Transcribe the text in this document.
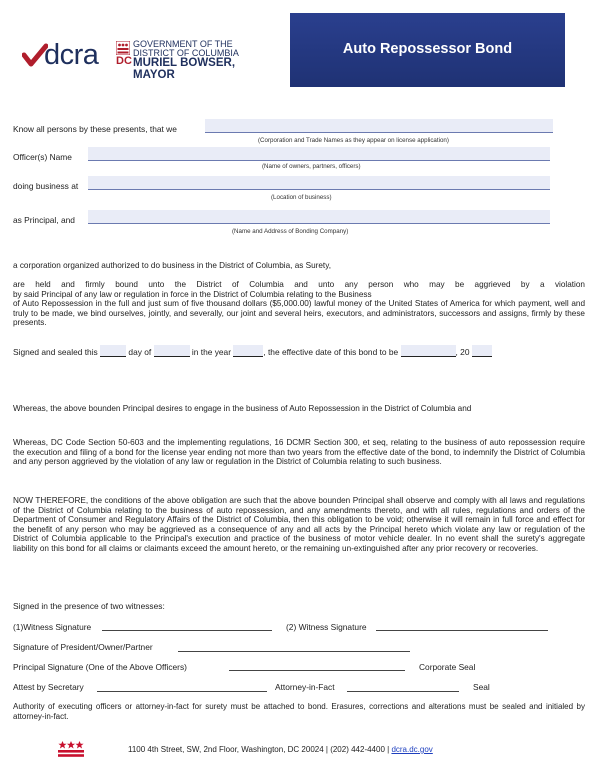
dcra DC
GOVERNMENT OF THE
DISTRICT OF COLUMBIA
MURIEL BOWSER, MAYOR
Auto Repossessor Bond
Know all persons by these presents, that we
(Corporation and Trade Names as they appear on license application)
Officer(s) Name
(Name of owners, partners, officers)
doing business at
(Location of business)
as Principal, and
(Name and Address of Bonding Company)
a corporation organized authorized to do business in the District of Columbia, as Surety,
are held and firmly bound unto the District of Columbia and unto any person who may be aggrieved by a violation
by said Principal of any law or regulation in force in the District of Columbia relating to the Business
of Auto Repossession in the full and just sum of five thousand dollars ($5,000.00) lawful money of the United States of America for which payment, well and truly to be made, we bind ourselves, jointly, and severally, our joint and several heirs, executors, and administrators, successors and assigns, firmly by these presents.
Signed and sealed this	day of	in the year	, the effective date of this bond to be	, 20
Whereas, the above bounden Principal desires to engage in the business of Auto Repossession in the District of Columbia and
Whereas, DC Code Section 50-603 and the implementing regulations, 16 DCMR Section 300, et seq, relating to the business of auto repossession require the execution and filing of a bond for the license year ending not more than two years from the effective date of the bond, to indemnify the District of Columbia and any person aggrieved by the violation of any law or regulation in the District of Columbia relating to such business.
NOW THEREFORE, the conditions of the above obligation are such that the above bounden Principal shall observe and comply with all laws and regulations of the District of Columbia relating to the business of auto repossession, and any amendments thereto, and with all rules, regulations and orders of the Department of Consumer and Regulatory Affairs of the District of Columbia, then this obligation to be void; otherwise it will remain in full force and effect for the benefit of any person who may be aggrieved as a consequence of any and all acts by the Principal hereto which violate any law or regulation of the District of Columbia applicable to the Principal's execution and practice of the business of motor vehicle dealer. In no event shall the surety's aggregate liability on this bond for all claims or claimants exceed the amount hereto, or the remaining un-extinguished after any prior recovery or recoveries.
Signed in the presence of two witnesses:
(1)Witness Signature	(2) Witness Signature
Signature of President/Owner/Partner
Principal Signature (One of the Above Officers)	Corporate Seal
Attest by Secretary	Attorney-in-Fact	Seal
Authority of executing officers or attorney-in-fact for surety must be attached to bond. Erasures, corrections and alterations must be sealed and initialed by attorney-in-fact.
1100 4th Street, SW, 2nd Floor, Washington, DC 20024 | (202) 442-4400 | dcra.dc.gov
